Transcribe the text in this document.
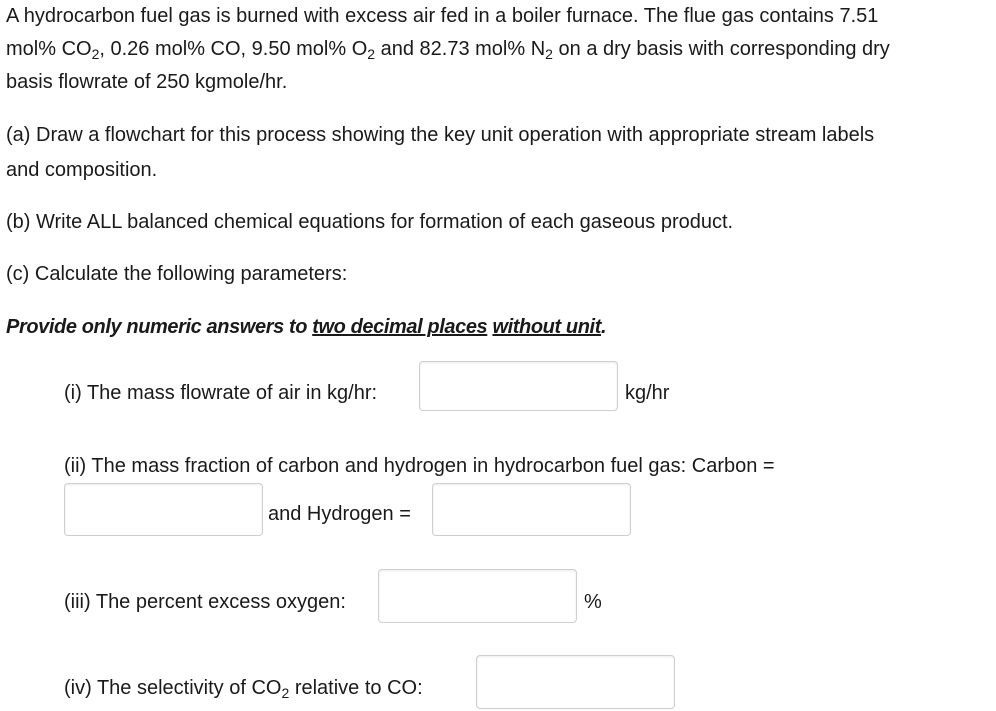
A hydrocarbon fuel gas is burned with excess air fed in a boiler furnace. The flue gas contains 7.51

mol% $CO_2$, 0.26 mol% CO, 9.50 mol% $O_2$ and 82.73 mol% $N_2$ on a dry basis with corresponding dry

basis flowrate of 250 kgmole/hr.

(a) Draw a flowchart for this process showing the key unit operation with appropriate stream labels

and composition.

(b) Write ALL balanced chemical equations for formation of each gaseous product.

(c) Calculate the following parameters:

Provide only numeric answers to two decimal places without unit.

(i) The mass flowrate of air in kg/hr:	kg/hr
(ii) The mass fraction of carbon and hydrogen in hydrocarbon fuel gas: Carbon =
and Hydrogen =
(iii) The percent excess oxygen:	%
(iv) The selectivity of $CO_2$ relative to CO:
